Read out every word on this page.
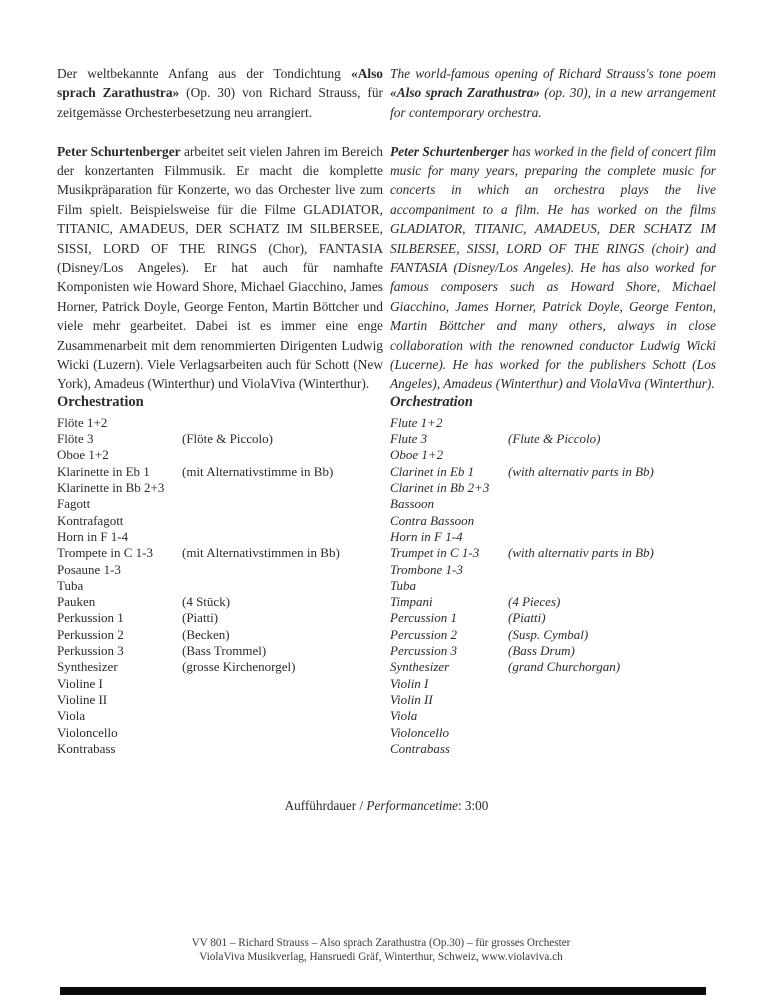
Der weltbekannte Anfang aus der Tondichtung «Also sprach Zarathustra» (Op. 30) von Richard Strauss, für zeitgemässe Orchesterbesetzung neu arrangiert.

Peter Schurtenberger arbeitet seit vielen Jahren im Bereich der konzertanten Filmmusik. Er macht die komplette Musikpräparation für Konzerte, wo das Orchester live zum Film spielt. Beispielsweise für die Filme GLADIATOR, TITANIC, AMADEUS, DER SCHATZ IM SILBERSEE, SISSI, LORD OF THE RINGS (Chor), FANTASIA (Disney/Los Angeles). Er hat auch für namhafte Komponisten wie Howard Shore, Michael Giacchino, James Horner, Patrick Doyle, George Fenton, Martin Böttcher und viele mehr gearbeitet. Dabei ist es immer eine enge Zusammenarbeit mit dem renommierten Dirigenten Ludwig Wicki (Luzern). Viele Verlagsarbeiten auch für Schott (New York), Amadeus (Winterthur) und ViolaViva (Winterthur).

The world-famous opening of Richard Strauss's tone poem «Also sprach Zarathustra» (op. 30), in a new arrangement for contemporary orchestra.

Peter Schurtenberger has worked in the field of concert film music for many years, preparing the complete music for concerts in which an orchestra plays the live accompaniment to a film. He has worked on the films GLADIATOR, TITANIC, AMADEUS, DER SCHATZ IM SILBERSEE, SISSI, LORD OF THE RINGS (choir) and FANTASIA (Disney/Los Angeles). He has also worked for famous composers such as Howard Shore, Michael Giacchino, James Horner, Patrick Doyle, George Fenton, Martin Böttcher and many others, always in close collaboration with the renowned conductor Ludwig Wicki (Lucerne). He has worked for the publishers Schott (Los Angeles), Amadeus (Winterthur) and ViolaViva (Winterthur).

Orchestration
Flöte 1+2
Flöte 3	(Flöte & Piccolo)
Oboe 1+2
Klarinette in Eb 1	(mit Alternativstimme in Bb)
Klarinette in Bb 2+3
Fagott
Kontrafagott
Horn in F 1-4
Trompete in C 1-3	(mit Alternativstimmen in Bb)
Posaune 1-3
Tuba
Pauken	(4 Stück)
Perkussion 1	(Piatti)
Perkussion 2	(Becken)
Perkussion 3	(Bass Trommel)
Synthesizer	(grosse Kirchenorgel)
Violine I
Violine II
Viola
Violoncello
Kontrabass
Orchestration
Flute 1+2
Flute 3	(Flute & Piccolo)
Oboe 1+2
Clarinet in Eb 1	(with alternativ parts in Bb)
Clarinet in Bb 2+3
Bassoon
Contra Bassoon
Horn in F 1-4
Trumpet in C 1-3	(with alternativ parts in Bb)
Trombone 1-3
Tuba
Timpani	(4 Pieces)
Percussion 1	(Piatti)
Percussion 2	(Susp. Cymbal)
Percussion 3	(Bass Drum)
Synthesizer	(grand Churchorgan)
Violin I
Violin II
Viola
Violoncello
Contrabass
Aufführdauer / Performancetime: 3:00
VV 801 – Richard Strauss – Also sprach Zarathustra (Op.30) – für grosses Orchester
ViolaViva Musikverlag, Hansruedi Gräf, Winterthur, Schweiz, www.violaviva.ch
